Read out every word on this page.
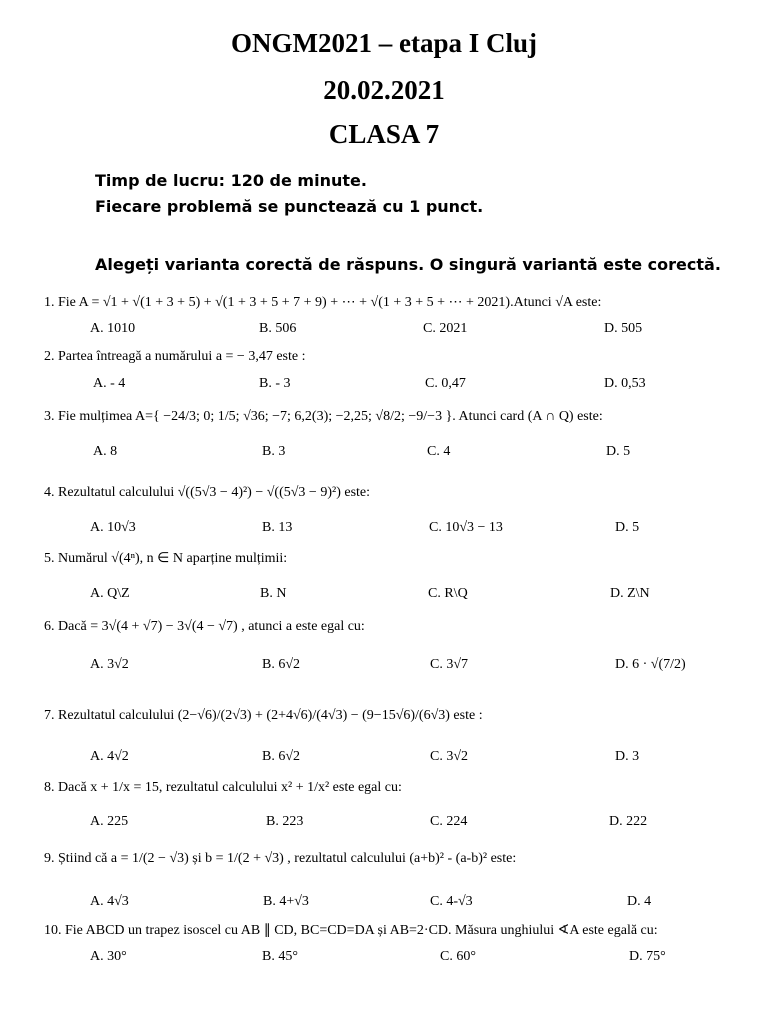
ONGM2021 – etapa I Cluj
20.02.2021
CLASA 7
Timp de lucru: 120 de minute.
Fiecare problemă se punctează cu 1 punct.
Alegeți varianta corectă de răspuns. O singură variantă este corectă.
1. Fie A = √1 + √(1 + 3 + 5) + √(1 + 3 + 5 + 7 + 9) + ⋯ + √(1 + 3 + 5 + ⋯ + 2021).Atunci √A este:
A. 1010	B. 506	C. 2021	D. 505
2. Partea întreagă a numărului a = − 3,47 este :
A. - 4	B. - 3	C. 0,47	D. 0,53
3. Fie mulțimea A={ −24/3; 0; 1/5; √36; −7; 6,2(3); −2,25; √8/2; −9/−3 }. Atunci card (A ∩ Q) este:
A. 8	B. 3	C. 4	D. 5
4. Rezultatul calculului √((5√3 − 4)²) − √((5√3 − 9)²) este:
A. 10√3	B. 13	C. 10√3 − 13	D. 5
5. Numărul √(4ⁿ), n ∈ N aparține mulțimii:
A. Q\Z	B. N	C. R\Q	D. Z\N
6. Dacă = 3√(4 + √7) − 3√(4 − √7) , atunci a este egal cu:
A. 3√2	B. 6√2	C. 3√7	D. 6 · √(7/2)
7. Rezultatul calculului (2−√6)/(2√3) + (2+4√6)/(4√3) − (9−15√6)/(6√3) este :
A. 4√2	B. 6√2	C. 3√2	D. 3
8. Dacă x + 1/x = 15, rezultatul calculului x² + 1/x² este egal cu:
A. 225	B. 223	C. 224	D. 222
9. Știind că a = 1/(2 − √3) și b = 1/(2 + √3) , rezultatul calculului (a+b)² - (a-b)² este:
A. 4√3	B. 4+√3	C. 4-√3	D. 4
10. Fie ABCD un trapez isoscel cu AB ∥ CD, BC=CD=DA și AB=2·CD. Măsura unghiului ∢A este egală cu:
A. 30°	B. 45°	C. 60°	D. 75°
